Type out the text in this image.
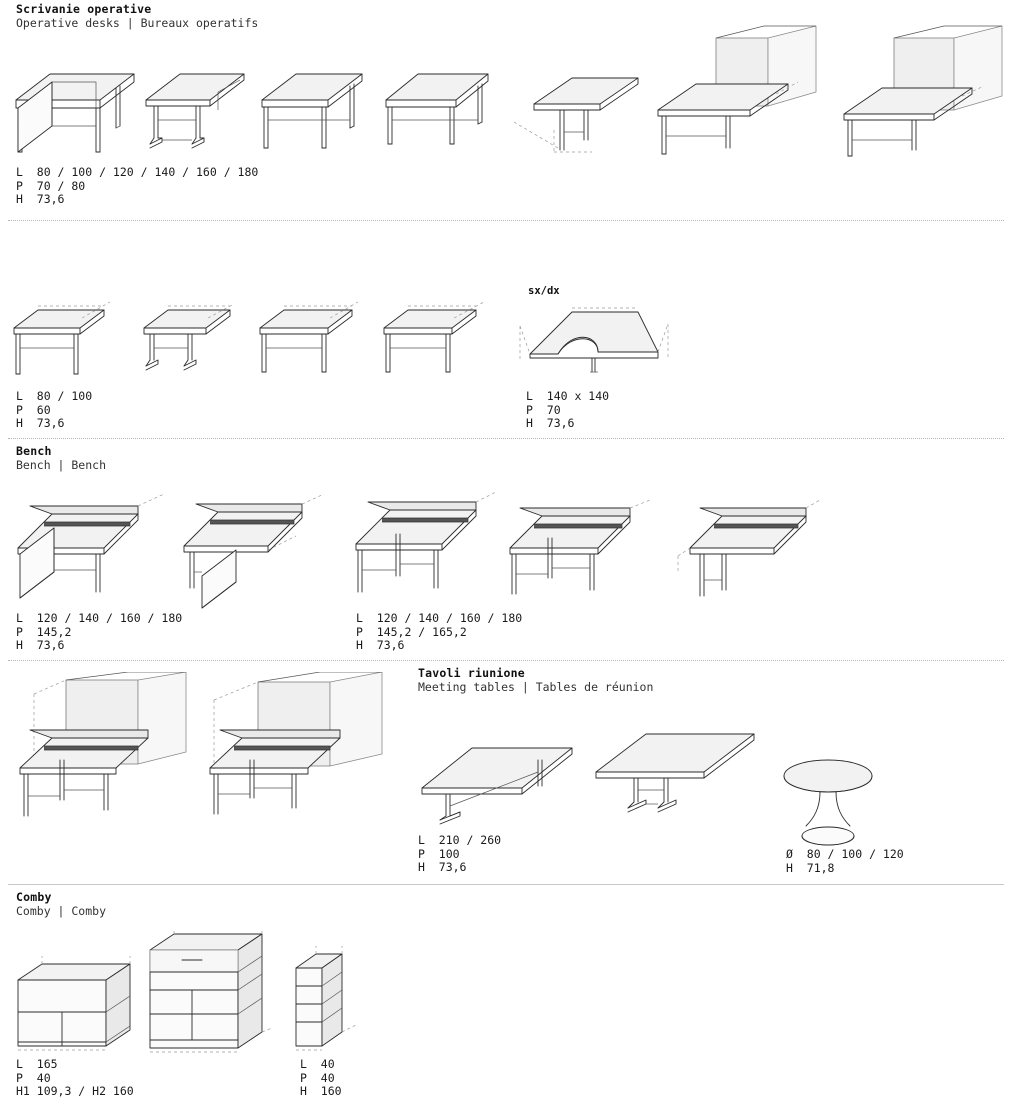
Scrivanie operative
Operative desks | Bureaux operatifs
L  80 / 100 / 120 / 140 / 160 / 180
P  70 / 80
H  73,6
sx/dx
L  80 / 100
P  60
H  73,6
L  140 x 140
P  70
H  73,6
Bench
Bench | Bench
L  120 / 140 / 160 / 180
P  145,2
H  73,6
L  120 / 140 / 160 / 180
P  145,2 / 165,2
H  73,6
Tavoli riunione
Meeting tables | Tables de réunion
L  210 / 260
P  100
H  73,6
Ø  80 / 100 / 120
H  71,8
Comby
Comby | Comby
L  165
P  40
H1 109,3 / H2 160
L  40
P  40
H  160
